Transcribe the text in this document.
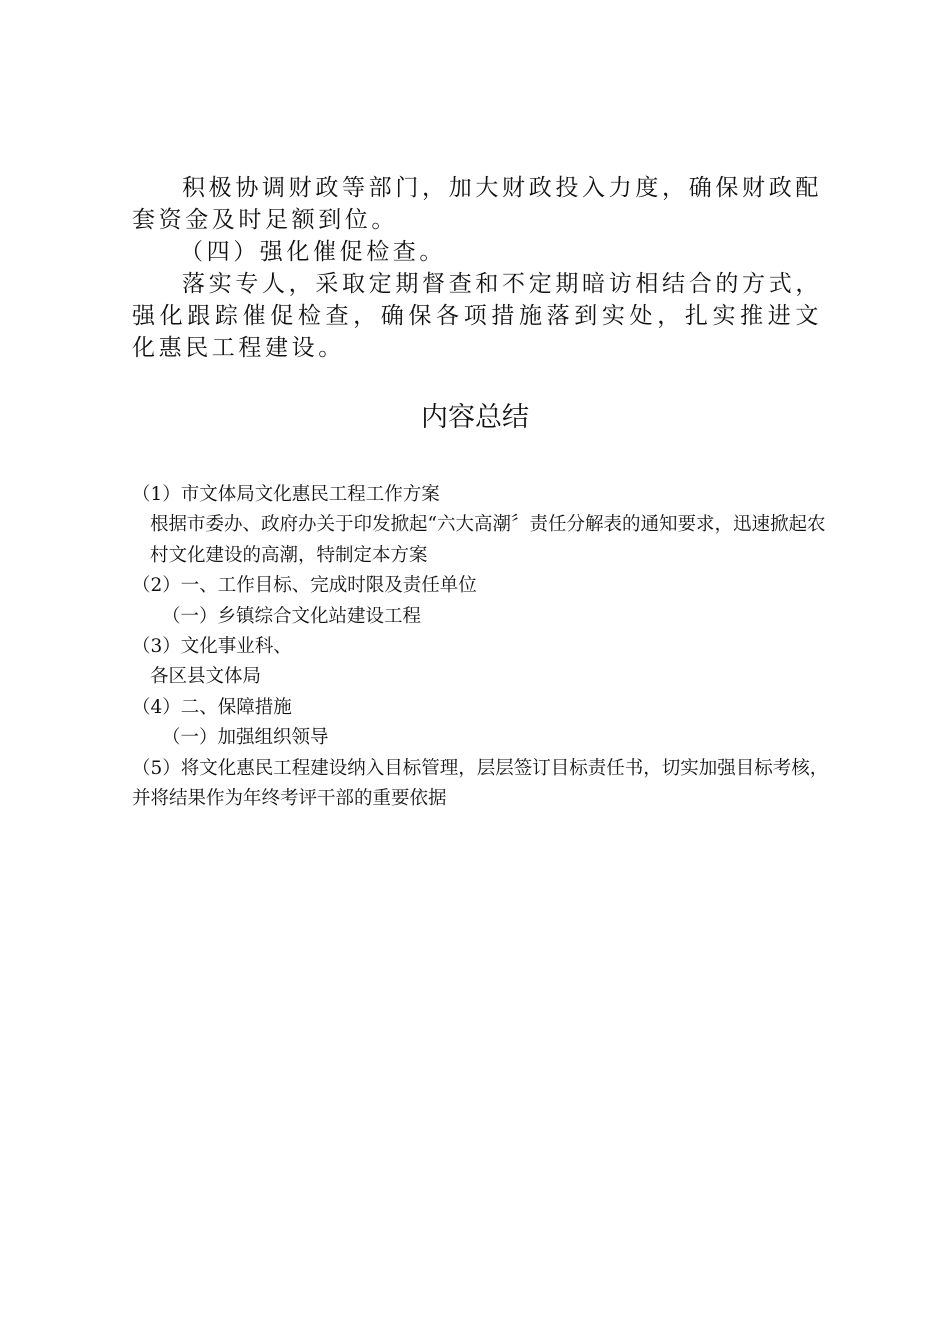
积极协调财政等部门，加大财政投入力度，确保财政配套资金及时足额到位。

（四）强化催促检查。

落实专人，采取定期督查和不定期暗访相结合的方式，强化跟踪催促检查，确保各项措施落到实处，扎实推进文化惠民工程建设。

内容总结

（1）市文体局文化惠民工程工作方案

根据市委办、政府办关于印发掀起“六大高潮〞责任分解表的通知要求，迅速掀起农村文化建设的高潮，特制定本方案

（2）一、工作目标、完成时限及责任单位

（一）乡镇综合文化站建设工程

（3）文化事业科、

各区县文体局

（4）二、保障措施

（一）加强组织领导

（5）将文化惠民工程建设纳入目标管理，层层签订目标责任书，切实加强目标考核，并将结果作为年终考评干部的重要依据
